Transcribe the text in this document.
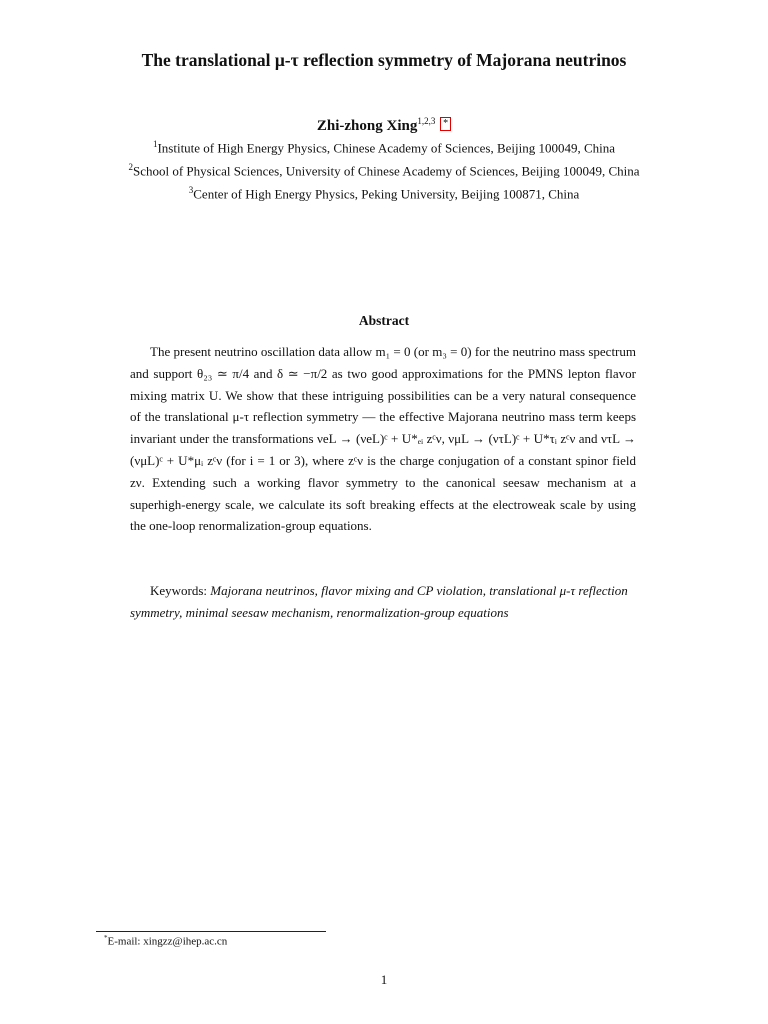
The translational μ-τ reflection symmetry of Majorana neutrinos
Zhi-zhong Xing$^{1,2,3}$ *
$^1$Institute of High Energy Physics, Chinese Academy of Sciences, Beijing 100049, China
$^2$School of Physical Sciences, University of Chinese Academy of Sciences, Beijing 100049, China
$^3$Center of High Energy Physics, Peking University, Beijing 100871, China
Abstract
The present neutrino oscillation data allow m₁ = 0 (or m₃ = 0) for the neutrino mass spectrum and support θ₂₃ ≃ π/4 and δ ≃ −π/2 as two good approximations for the PMNS lepton flavor mixing matrix U. We show that these intriguing possibilities can be a very natural consequence of the translational μ-τ reflection symmetry — the effective Majorana neutrino mass term keeps invariant under the transformations νeL → (νeL)ᶜ + U*ₑᵢ zᶜν, νμL → (ντL)ᶜ + U*τᵢ zᶜν and ντL → (νμL)ᶜ + U*μᵢ zᶜν (for i = 1 or 3), where zᶜν is the charge conjugation of a constant spinor field zν. Extending such a working flavor symmetry to the canonical seesaw mechanism at a superhigh-energy scale, we calculate its soft breaking effects at the electroweak scale by using the one-loop renormalization-group equations.
Keywords: Majorana neutrinos, flavor mixing and CP violation, translational μ-τ reflection symmetry, minimal seesaw mechanism, renormalization-group equations
*E-mail: xingzz@ihep.ac.cn
1
